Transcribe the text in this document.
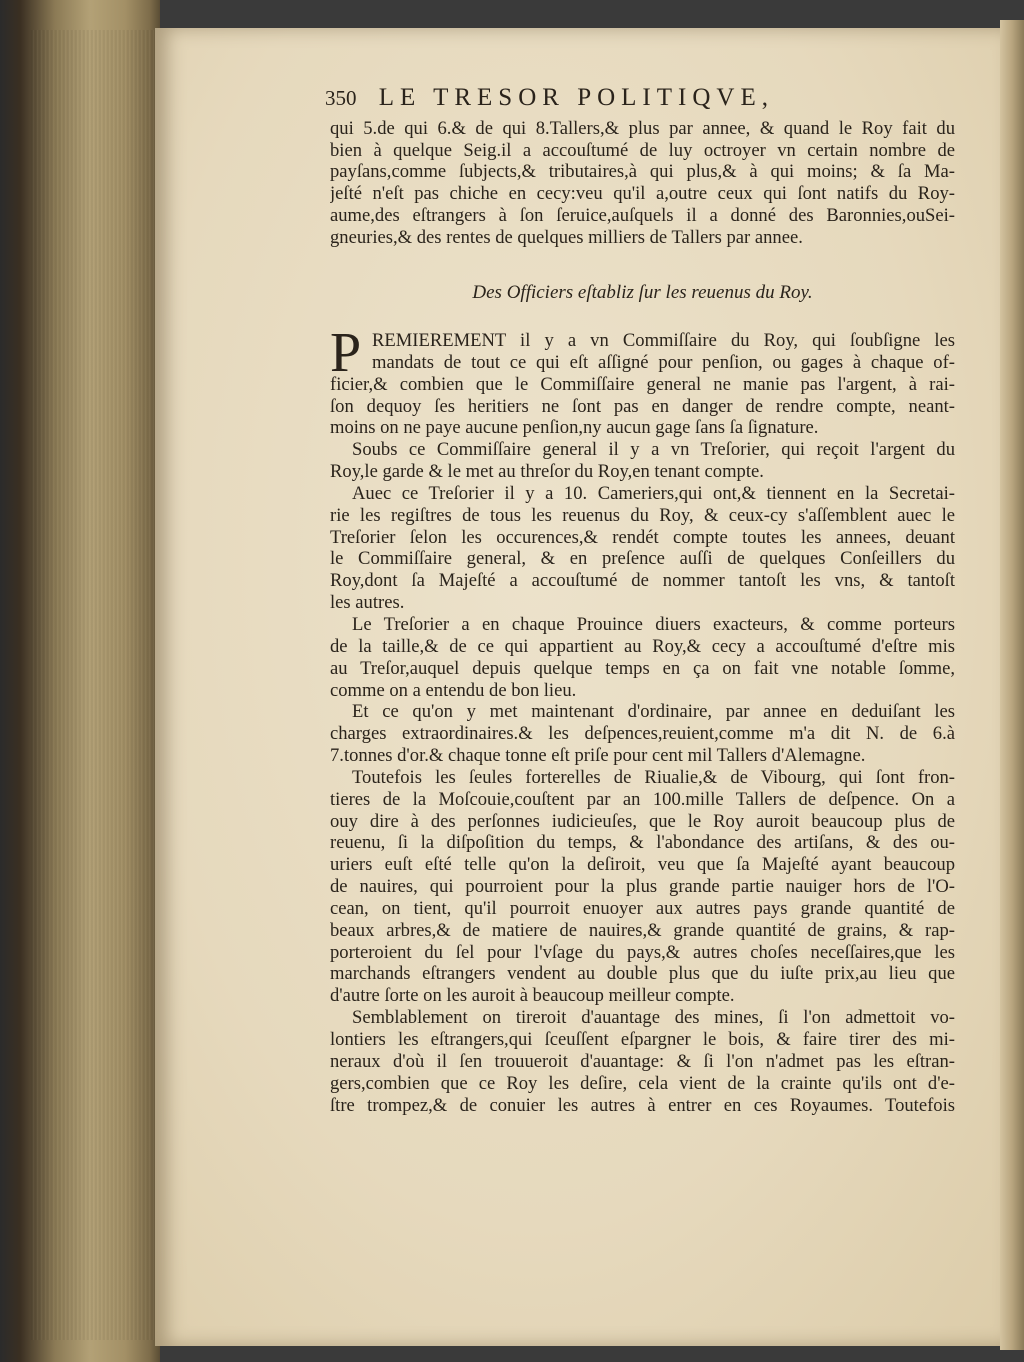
350 LE TRESOR POLITIQVE,
qui 5.de qui 6.& de qui 8.Tallers,& plus par annee, & quand le Roy fait du
bien à quelque Seig.il a accouſtumé de luy octroyer vn certain nombre de
payſans,comme ſubjects,& tributaires,à qui plus,& à qui moins; & ſa Ma-
jeſté n'eſt pas chiche en cecy:veu qu'il a,outre ceux qui ſont natifs du Roy-
aume,des eſtrangers à ſon ſeruice,auſquels il a donné des Baronnies,ouSei-
gneuries,& des rentes de quelques milliers de Tallers par annee.
Des Officiers eſtabliz ſur les reuenus du Roy.
P REMIEREMENT il y a vn Commiſſaire du Roy, qui ſoubſigne les
mandats de tout ce qui eſt aſſigné pour penſion, ou gages à chaque of-
ficier,& combien que le Commiſſaire general ne manie pas l'argent, à rai-
ſon dequoy ſes heritiers ne ſont pas en danger de rendre compte, neant-
moins on ne paye aucune penſion,ny aucun gage ſans ſa ſignature.
Soubs ce Commiſſaire general il y a vn Treſorier, qui reçoit l'argent du
Roy,le garde & le met au threſor du Roy,en tenant compte.
Auec ce Treſorier il y a 10. Cameriers,qui ont,& tiennent en la Secretai-
rie les regiſtres de tous les reuenus du Roy, & ceux-cy s'aſſemblent auec le
Treſorier ſelon les occurences,& rendét compte toutes les annees, deuant
le Commiſſaire general, & en preſence auſſi de quelques Conſeillers du
Roy,dont ſa Majeſté a accouſtumé de nommer tantoſt les vns, & tantoſt
les autres.
Le Treſorier a en chaque Prouince diuers exacteurs, & comme porteurs
de la taille,& de ce qui appartient au Roy,& cecy a accouſtumé d'eſtre mis
au Treſor,auquel depuis quelque temps en ça on fait vne notable ſomme,
comme on a entendu de bon lieu.
Et ce qu'on y met maintenant d'ordinaire, par annee en deduiſant les
charges extraordinaires.& les deſpences,reuient,comme m'a dit N. de 6.à
7.tonnes d'or.& chaque tonne eſt priſe pour cent mil Tallers d'Alemagne.
Toutefois les ſeules forterelles de Riualie,& de Vibourg, qui ſont fron-
tieres de la Moſcouie,couſtent par an 100.mille Tallers de deſpence. On a
ouy dire à des perſonnes iudicieuſes, que le Roy auroit beaucoup plus de
reuenu, ſi la diſpoſition du temps, & l'abondance des artiſans, & des ou-
uriers euſt eſté telle qu'on la deſiroit, veu que ſa Majeſté ayant beaucoup
de nauires, qui pourroient pour la plus grande partie nauiger hors de l'O-
cean, on tient, qu'il pourroit enuoyer aux autres pays grande quantité de
beaux arbres,& de matiere de nauires,& grande quantité de grains, & rap-
porteroient du ſel pour l'vſage du pays,& autres choſes neceſſaires,que les
marchands eſtrangers vendent au double plus que du iuſte prix,au lieu que
d'autre ſorte on les auroit à beaucoup meilleur compte.
Semblablement on tireroit d'auantage des mines, ſi l'on admettoit vo-
lontiers les eſtrangers,qui ſceuſſent eſpargner le bois, & faire tirer des mi-
neraux d'où il ſen trouueroit d'auantage: & ſi l'on n'admet pas les eſtran-
gers,combien que ce Roy les deſire, cela vient de la crainte qu'ils ont d'e-
ſtre trompez,& de conuier les autres à entrer en ces Royaumes. Toutefois
